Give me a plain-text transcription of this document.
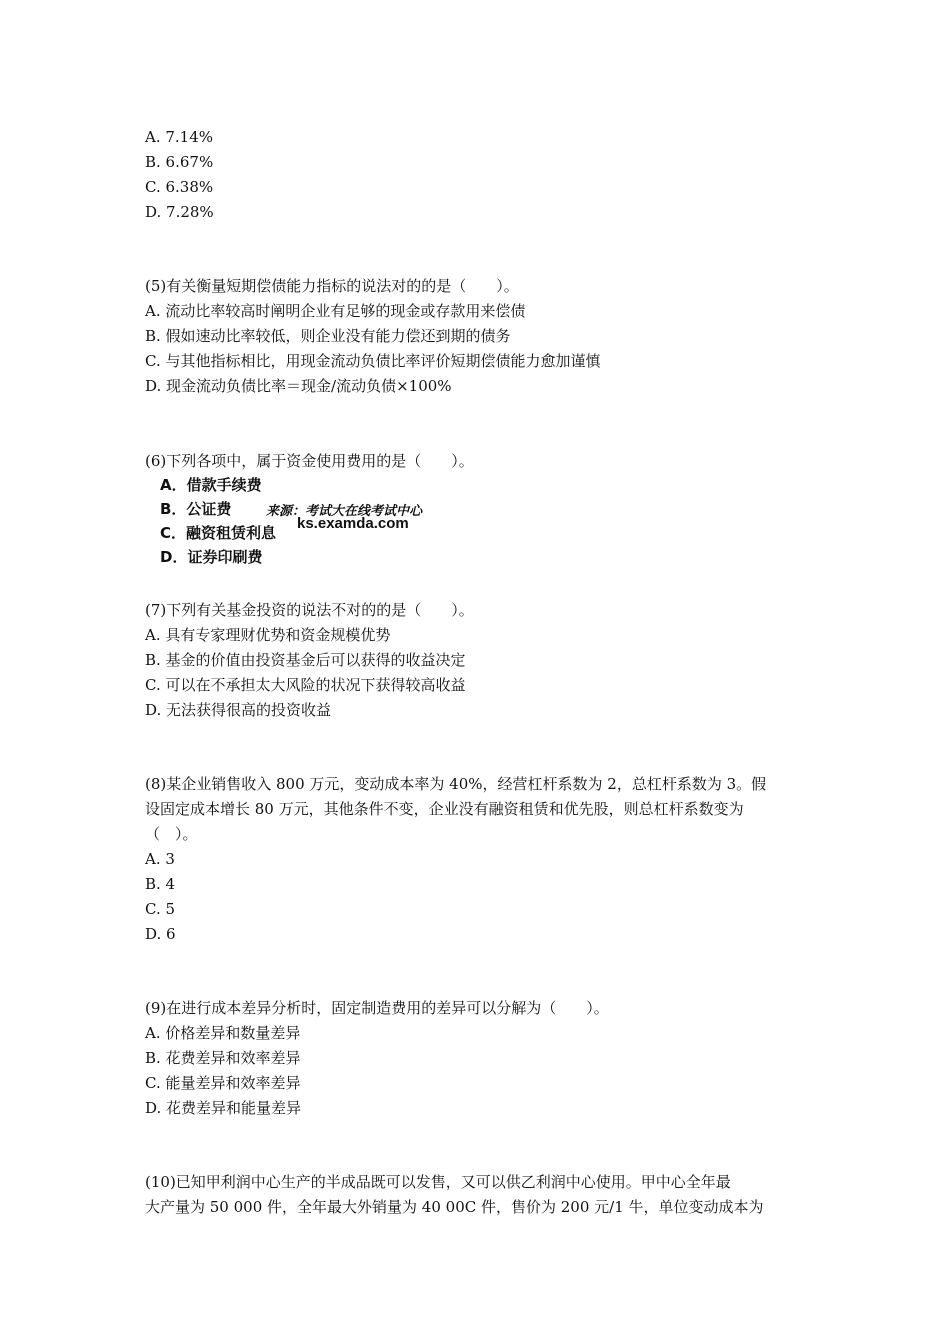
A. 7.14%
B. 6.67%
C. 6.38%
D. 7.28%
(5)有关衡量短期偿债能力指标的说法对的的是（　　）。
A. 流动比率较高时阐明企业有足够的现金或存款用来偿债
B. 假如速动比率较低，则企业没有能力偿还到期的债务
C. 与其他指标相比，用现金流动负债比率评价短期偿债能力愈加谨慎
D. 现金流动负债比率＝现金/流动负债×100%
(6)下列各项中，属于资金使用费用的是（　　）。
A．借款手续费
B．公证费	来源：考试大在线考试中心
C．融资租赁利息
ks.examda.com
D．证券印刷费
(7)下列有关基金投资的说法不对的的是（　　）。
A. 具有专家理财优势和资金规模优势
B. 基金的价值由投资基金后可以获得的收益决定
C. 可以在不承担太大风险的状况下获得较高收益
D. 无法获得很高的投资收益
(8)某企业销售收入 800 万元，变动成本率为 40%，经营杠杆系数为 2，总杠杆系数为 3。假
设固定成本增长 80 万元，其他条件不变，企业没有融资租赁和优先股，则总杠杆系数变为
（　）。
A. 3
B. 4
C. 5
D. 6
(9)在进行成本差异分析时，固定制造费用的差异可以分解为（　　）。
A. 价格差异和数量差异
B. 花费差异和效率差异
C. 能量差异和效率差异
D. 花费差异和能量差异
(10)已知甲利润中心生产的半成品既可以发售，又可以供乙利润中心使用。甲中心全年最
大产量为 50 000 件，全年最大外销量为 40 00C 件，售价为 200 元/1 牛，单位变动成本为
